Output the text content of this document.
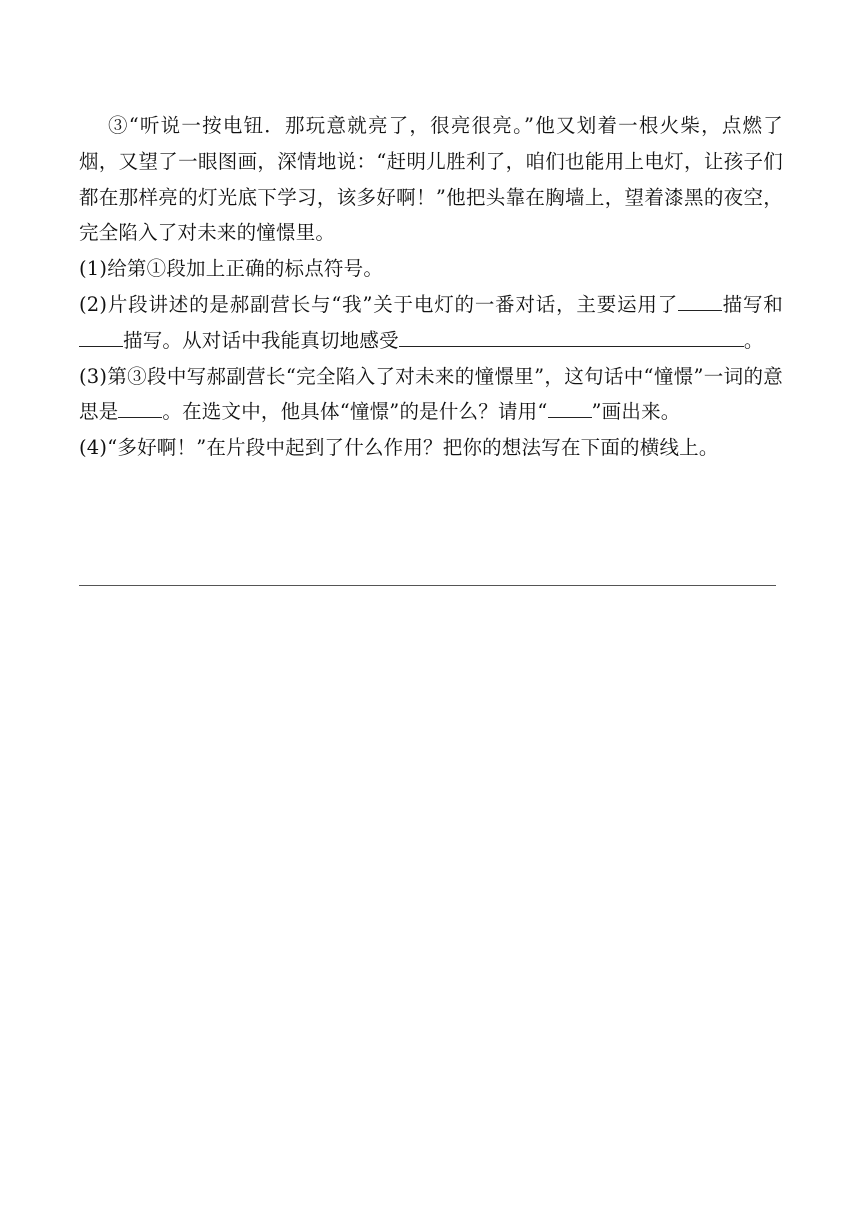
③“听说一按电钮．那玩意就亮了，很亮很亮。”他又划着一根火柴，点燃了烟，又望了一眼图画，深情地说：“赶明儿胜利了，咱们也能用上电灯，让孩子们都在那样亮的灯光底下学习，该多好啊！”他把头靠在胸墙上，望着漆黑的夜空，完全陷入了对未来的憧憬里。

(1)给第①段加上正确的标点符号。

(2)片段讲述的是郝副营长与“我”关于电灯的一番对话，主要运用了 描写和描写。从对话中我能真切地感受	。

(3)第③段中写郝副营长“完全陷入了对未来的憧憬里”，这句话中“憧憬”一词的意思是 。在选文中，他具体“憧憬”的是什么？请用“ ”画出来。

(4)“多好啊！”在片段中起到了什么作用？把你的想法写在下面的横线上。
